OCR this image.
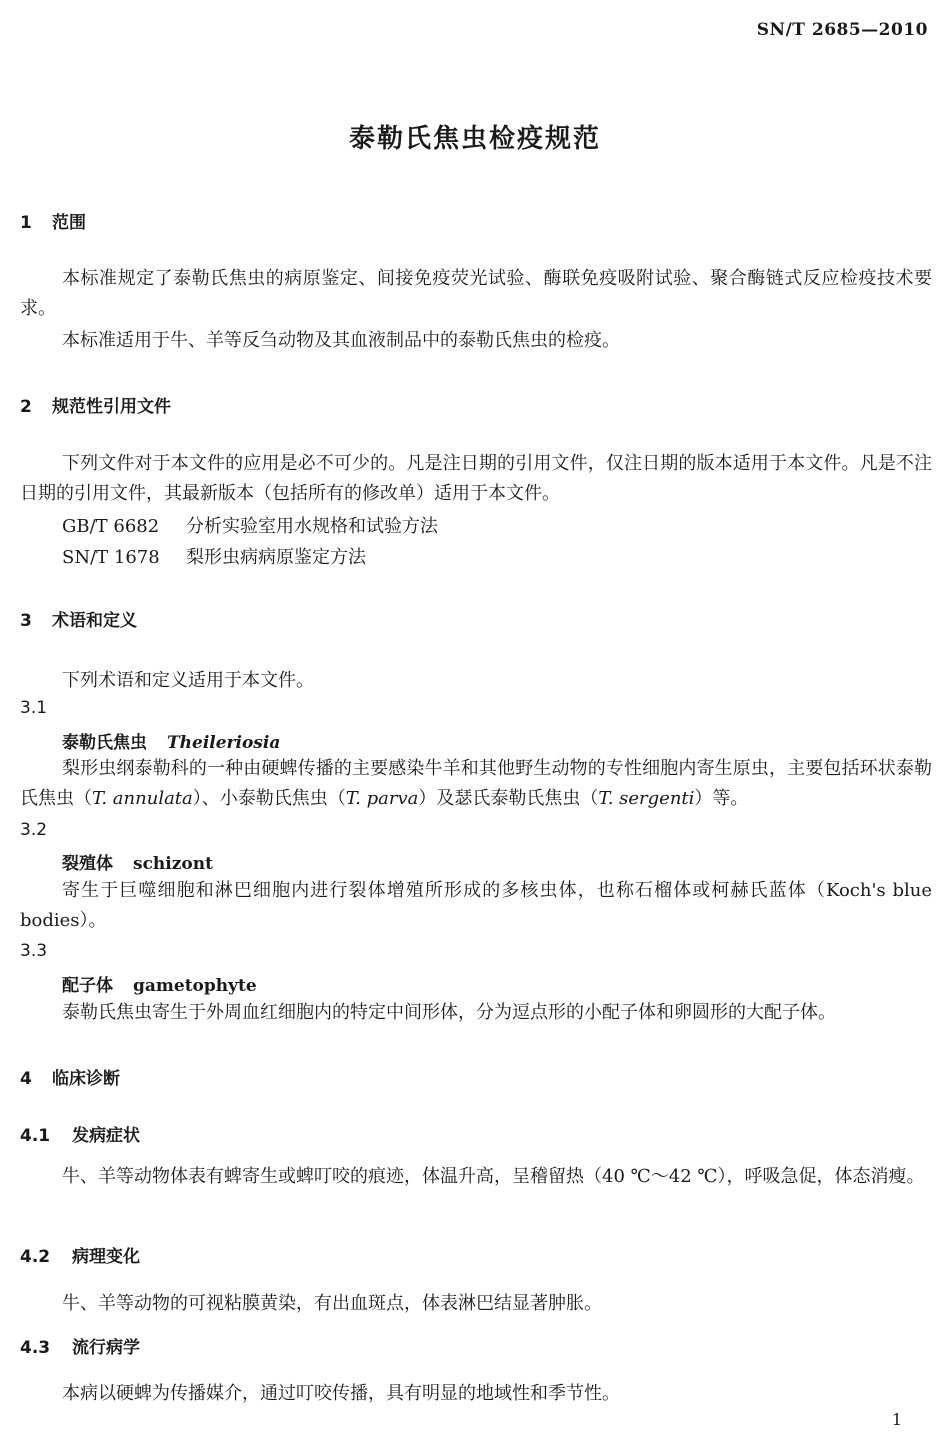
SN/T 2685—2010
泰勒氏焦虫检疫规范
1 范围
本标准规定了泰勒氏焦虫的病原鉴定、间接免疫荧光试验、酶联免疫吸附试验、聚合酶链式反应检疫技术要求。
本标准适用于牛、羊等反刍动物及其血液制品中的泰勒氏焦虫的检疫。
2 规范性引用文件
下列文件对于本文件的应用是必不可少的。凡是注日期的引用文件，仅注日期的版本适用于本文件。凡是不注日期的引用文件，其最新版本（包括所有的修改单）适用于本文件。
GB/T 6682 分析实验室用水规格和试验方法
SN/T 1678 梨形虫病病原鉴定方法
3 术语和定义
下列术语和定义适用于本文件。
3.1
泰勒氏焦虫 Theileriosia
梨形虫纲泰勒科的一种由硬蜱传播的主要感染牛羊和其他野生动物的专性细胞内寄生原虫，主要包括环状泰勒氏焦虫（T. annulata）、小泰勒氏焦虫（T. parva）及瑟氏泰勒氏焦虫（T. sergenti）等。
3.2
裂殖体 schizont
寄生于巨噬细胞和淋巴细胞内进行裂体增殖所形成的多核虫体，也称石榴体或柯赫氏蓝体（Koch's blue bodies）。
3.3
配子体 gametophyte
泰勒氏焦虫寄生于外周血红细胞内的特定中间形体，分为逗点形的小配子体和卵圆形的大配子体。
4 临床诊断
4.1 发病症状
牛、羊等动物体表有蜱寄生或蜱叮咬的痕迹，体温升高，呈稽留热（40 ℃～42 ℃），呼吸急促，体态消瘦。
4.2 病理变化
牛、羊等动物的可视粘膜黄染，有出血斑点，体表淋巴结显著肿胀。
4.3 流行病学
本病以硬蜱为传播媒介，通过叮咬传播，具有明显的地域性和季节性。
1
